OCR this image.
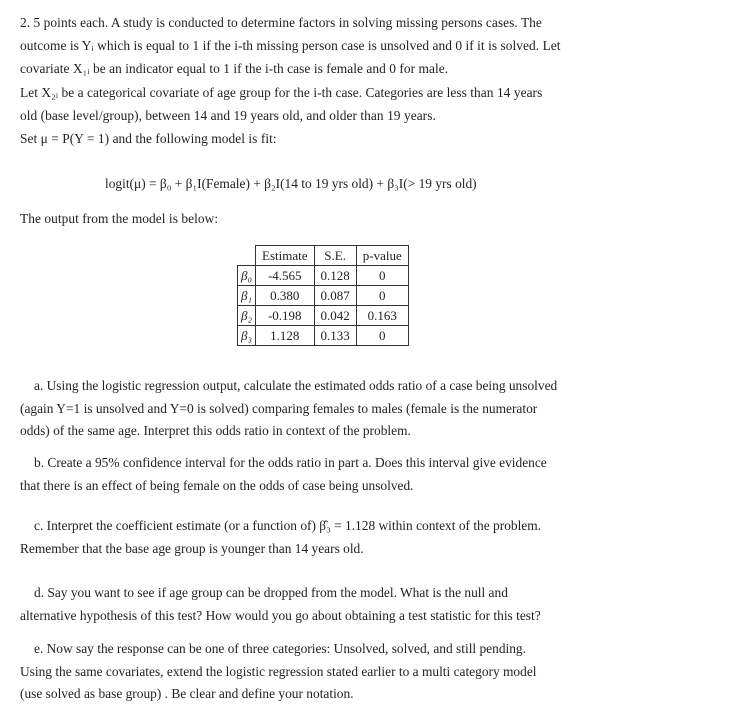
2. 5 points each. A study is conducted to determine factors in solving missing persons cases. The
outcome is Yᵢ which is equal to 1 if the i-th missing person case is unsolved and 0 if it is solved. Let
covariate X₁ᵢ be an indicator equal to 1 if the i-th case is female and 0 for male.
Let X₂ᵢ be a categorical covariate of age group for the i-th case. Categories are less than 14 years
old (base level/group), between 14 and 19 years old, and older than 19 years.
Set μ = P(Y = 1) and the following model is fit:
logit(μ) = β₀ + β₁I(Female) + β₂I(14 to 19 yrs old) + β₃I(> 19 yrs old)
The output from the model is below:
	Estimate	S.E.	p-value
β₀	-4.565	0.128	0
β₁	0.380	0.087	0
β₂	-0.198	0.042	0.163
β₃	1.128	0.133	0
a. Using the logistic regression output, calculate the estimated odds ratio of a case being unsolved
(again Y=1 is unsolved and Y=0 is solved) comparing females to males (female is the numerator
odds) of the same age. Interpret this odds ratio in context of the problem.
b. Create a 95% confidence interval for the odds ratio in part a. Does this interval give evidence
that there is an effect of being female on the odds of case being unsolved.
c. Interpret the coefficient estimate (or a function of) β̂₃ = 1.128 within context of the problem.
Remember that the base age group is younger than 14 years old.
d. Say you want to see if age group can be dropped from the model. What is the null and
alternative hypothesis of this test? How would you go about obtaining a test statistic for this test?
e. Now say the response can be one of three categories: Unsolved, solved, and still pending.
Using the same covariates, extend the logistic regression stated earlier to a multi category model
(use solved as base group) . Be clear and define your notation.
